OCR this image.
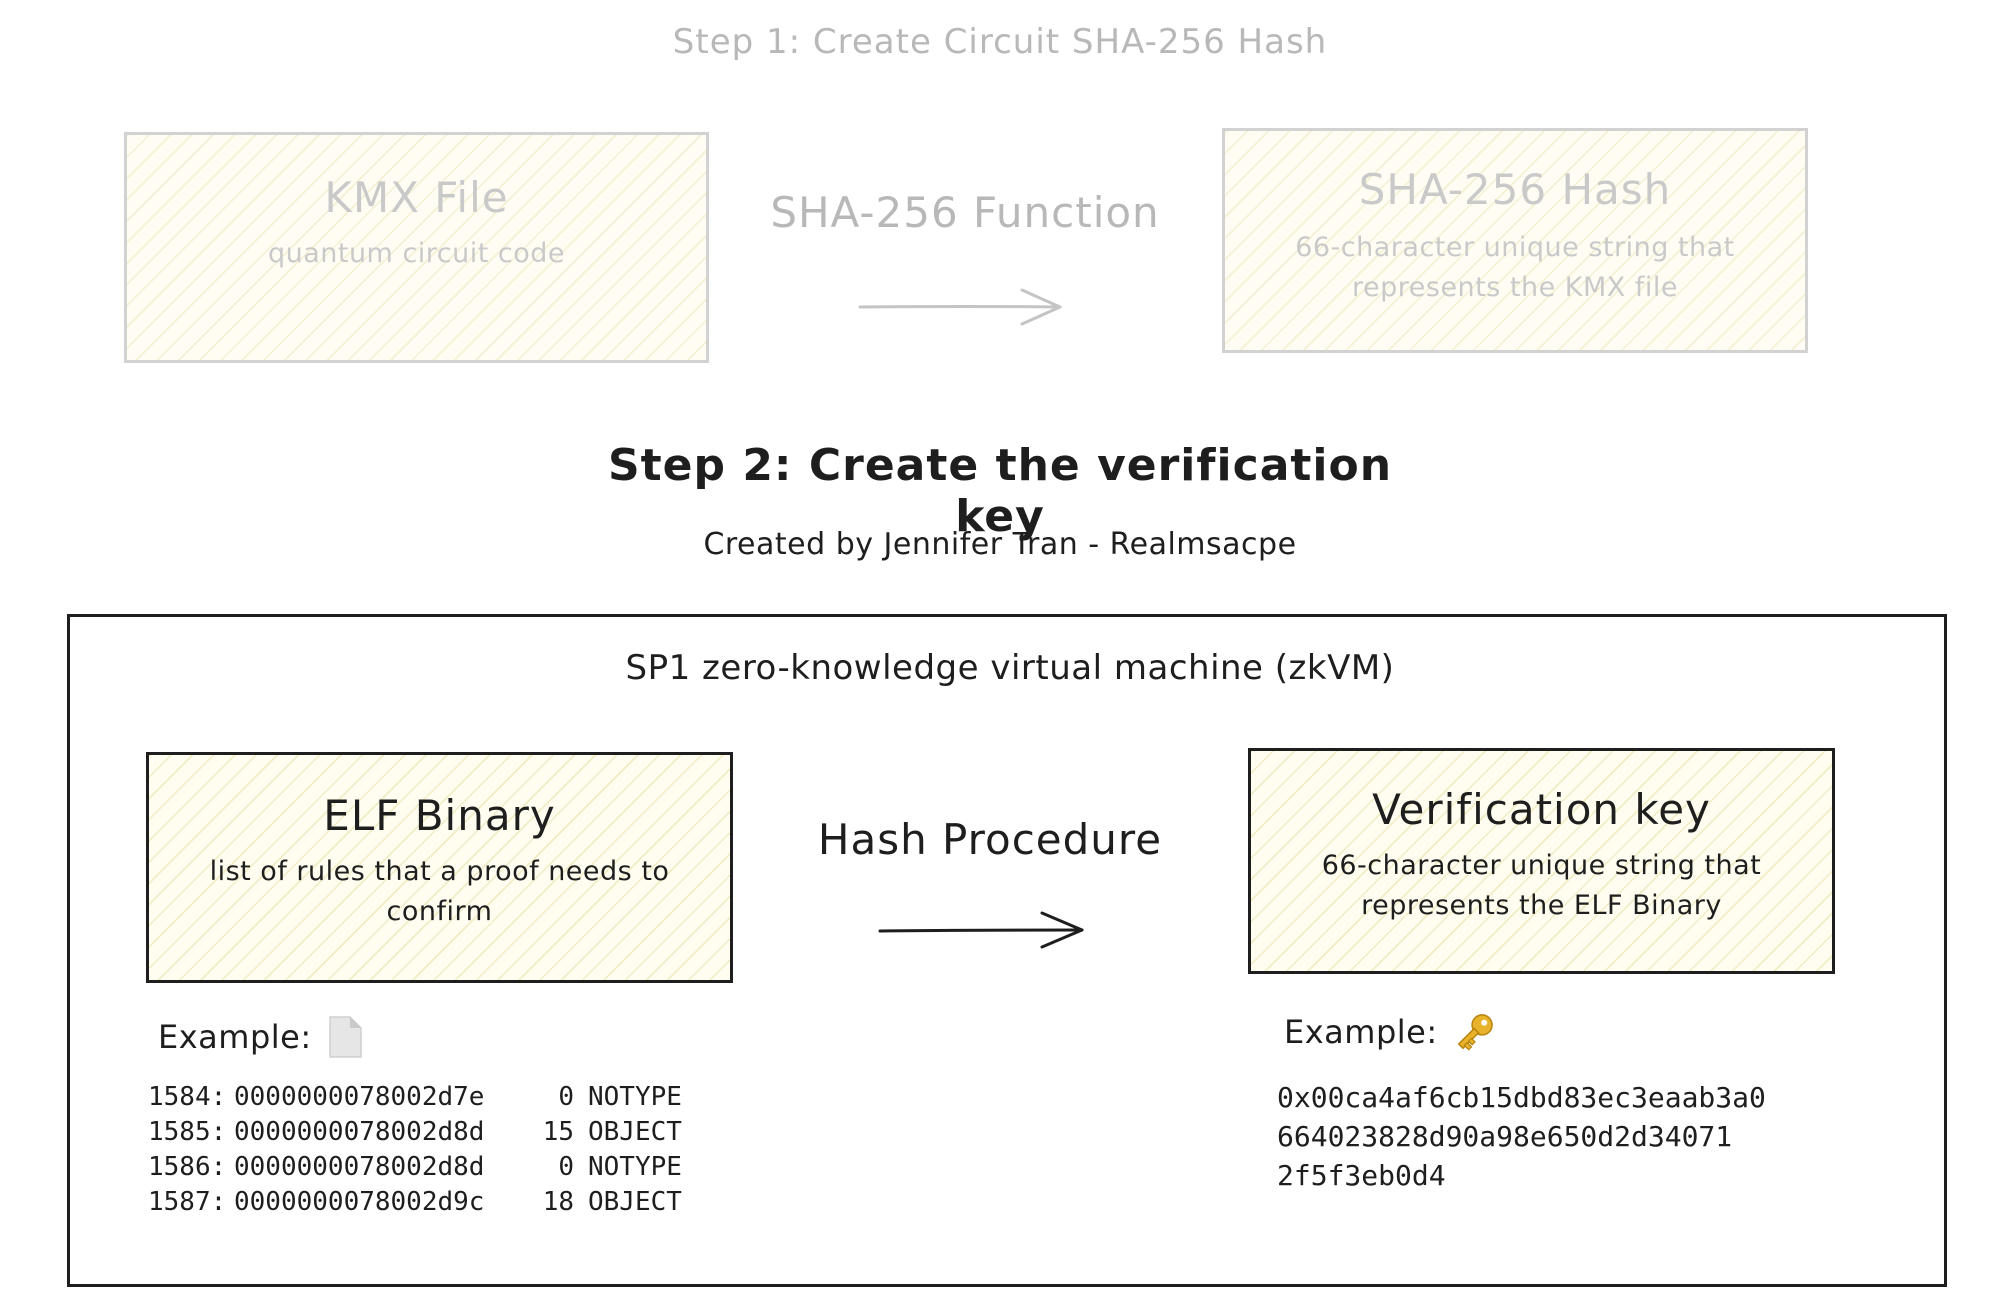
Step 1: Create Circuit SHA-256 Hash
KMX File
quantum circuit code
SHA-256 Function	SHA-256 Hash
66-character unique string that represents the KMX file
Step 2: Create the verification key
Created by Jennifer Tran - Realmsacpe
SP1 zero-knowledge virtual machine (zkVM)
ELF Binary
list of rules that a proof needs to confirm
Hash Procedure
Verification key
66-character unique string that represents the ELF Binary
Example:
1584: 0000000078002d7e	0 NOTYPE
1585: 0000000078002d8d	15 OBJECT
1586: 0000000078002d8d	0 NOTYPE
1587: 0000000078002d9c	18 OBJECT
Example:
0x00ca4af6cb15dbd83ec3eaab3a0
664023828d90a98e650d2d34071
2f5f3eb0d4
